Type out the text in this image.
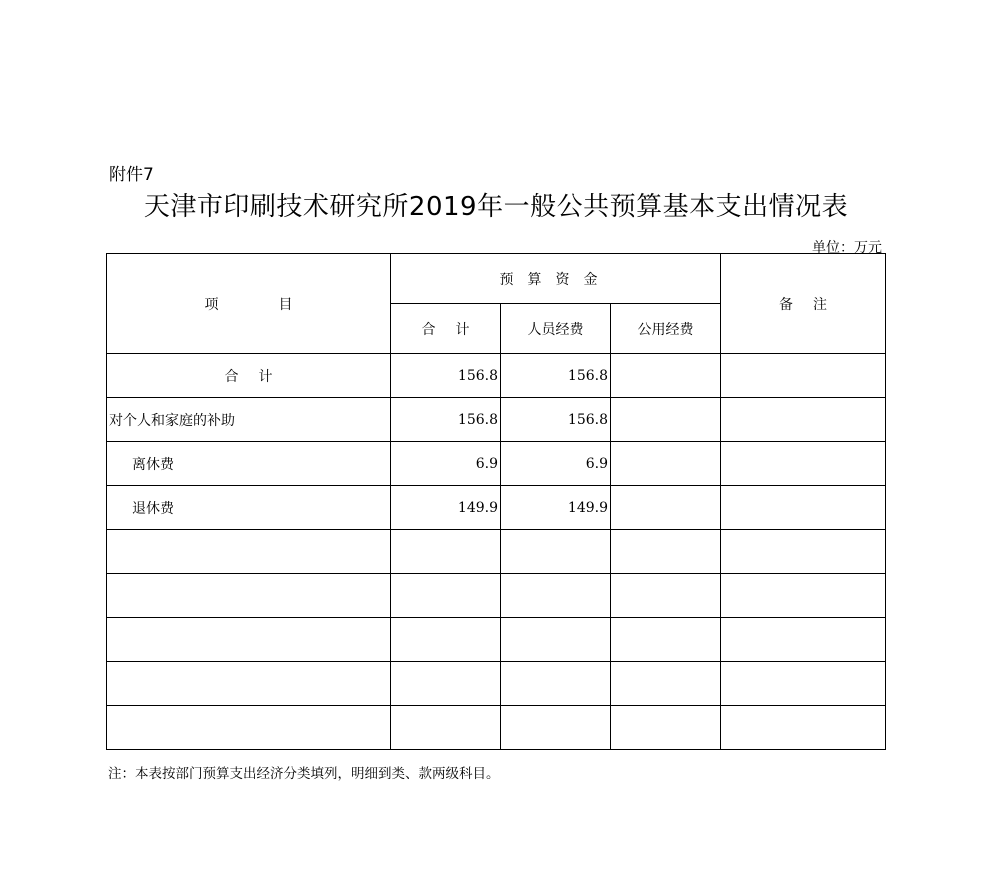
附件7
天津市印刷技术研究所2019年一般公共预算基本支出情况表
单位：万元
项 目	预算资金			备 注
	合 计	人员经费	公用经费	
合 计	156.8	156.8		
对个人和家庭的补助	156.8	156.8		
离休费	6.9	6.9		
退休费	149.9	149.9		

注：本表按部门预算支出经济分类填列，明细到类、款两级科目。
